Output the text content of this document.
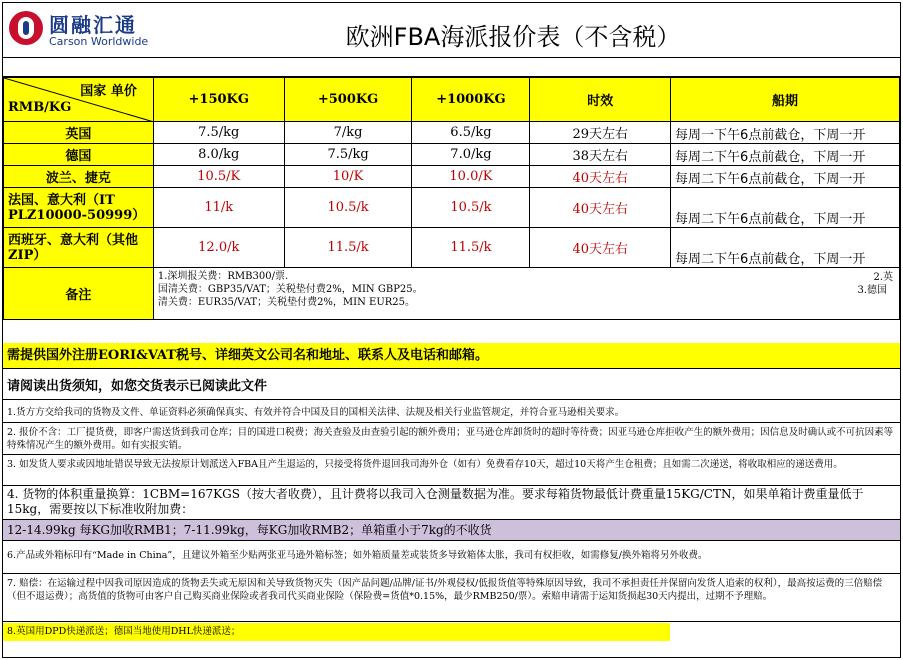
圆融汇通
Carson Worldwide	欧洲FBA海派报价表（不含税）
国家 单价
RMB/KG	+150KG	+500KG	+1000KG	时效	船期
英国	7.5/kg	7/kg	6.5/kg	29天左右	每周一下午6点前截仓，下周一开
德国	8.0/kg	7.5/kg	7.0/kg	38天左右	每周二下午6点前截仓，下周一开
波兰、捷克	10.5/K	10/K	10.0/K	40天左右	每周二下午6点前截仓，下周一开
法国、意大利（IT PLZ10000-50999）	11/k	10.5/k	10.5/k	40天左右	每周二下午6点前截仓，下周一开
西班牙、意大利（其他ZIP）	12.0/k	11.5/k	11.5/k	40天左右	每周二下午6点前截仓，下周一开
备注	1.深圳报关费：RMB300/票.
国清关费：GBP35/VAT；关税垫付费2%，MIN GBP25。
清关费：EUR35/VAT；关税垫付费2%，MIN EUR25。
2.英
3.德国				
需提供国外注册EORI&VAT税号、详细英文公司名和地址、联系人及电话和邮箱。
请阅读出货须知，如您交货表示已阅读此文件
1.货方方交给我司的货物及文件、单证资料必须确保真实、有效并符合中国及目的国相关法律、法规及相关行业监管规定，并符合亚马逊相关要求。
2. 报价不含：工厂提货费，即客户需送货到我司仓库；目的国进口税费；海关查验及由查验引起的额外费用；亚马逊仓库卸货时的超时等待费；因亚马逊仓库拒收产生的额外费用；因信息及时确认或不可抗因素等特殊情况产生的额外费用。如有实报实销。
3. 如发货人要求或因地址错误导致无法按原计划派送入FBA且产生退运的，只接受将货件退回我司海外仓（如有）免费看存10天，超过10天将产生仓租费；且如需二次递送，将收取相应的递送费用。
4. 货物的体积重量换算：1CBM=167KGS（按大者收费），且计费将以我司入仓测量数据为准。要求每箱货物最低计费重量15KG/CTN，如果单箱计费重量低于15kg，需要按以下标准收附加费：
12-14.99kg 每KG加收RMB1；7-11.99kg，每KG加收RMB2；单箱重小于7kg的不收货
6.产品或外箱标印有“Made in China”，且建议外箱至少贴两张亚马逊外箱标签；如外箱质量差或装货多导致箱体太胀，我司有权拒收，如需修复/换外箱将另外收费。
7. 赔偿：在运输过程中因我司原因造成的货物丢失或无原因和关导致货物灭失（因产品问题/品牌/证书/外观侵权/低报货值等特殊原因导致，我司不承担责任并保留向发货人追索的权利），最高按运费的三倍赔偿（但不退运费）；高货值的货物可由客户自己购买商业保险或者我司代买商业保险（保险费=货值*0.15%，最少RMB250/票）。索赔申请需于运知货损起30天内提出，过期不予理赔。
8.英国用DPD快递派送；德国当地使用DHL快递派送；
